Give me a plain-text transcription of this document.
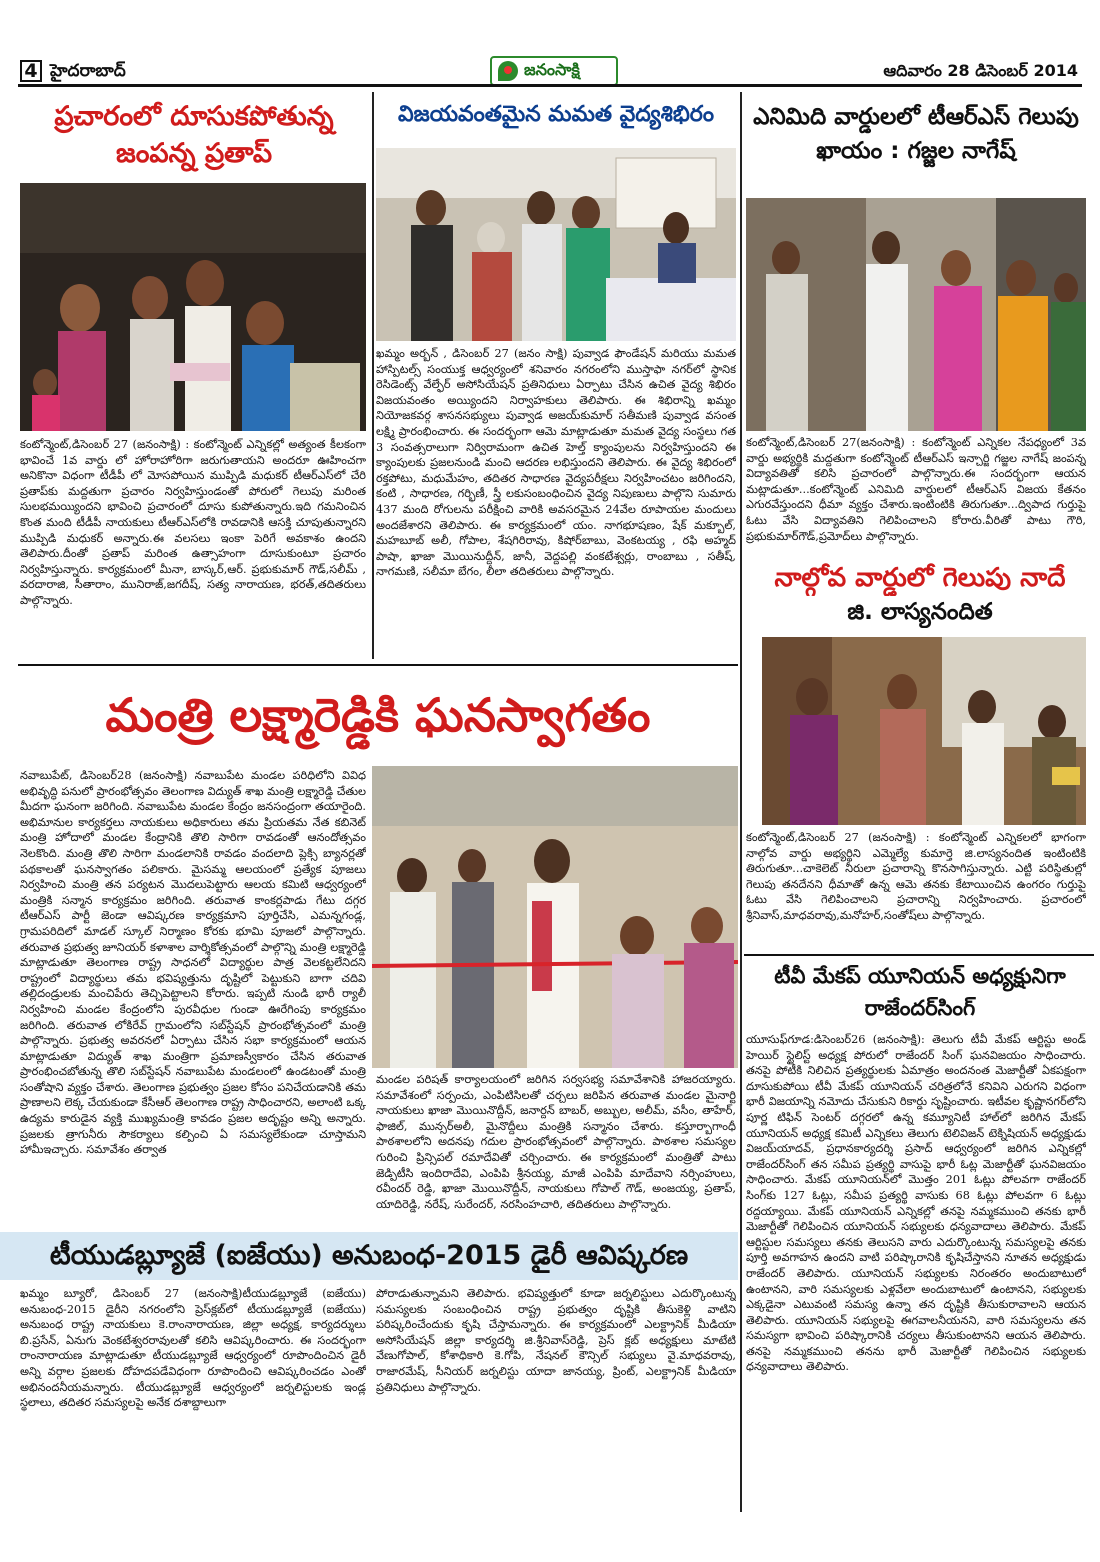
4 హైదరాబాద్	జనంసాక్షి	ఆదివారం 28 డిసెంబర్ 2014
ప్రచారంలో దూసుకపోతున్న
జంపన్న ప్రతాప్
కంటోన్మెంట్,డిసెంబర్ 27 (జనంసాక్షి) : కంటోన్మెంట్ ఎన్నికల్లో అత్యంత కీలకంగా భావించే 1వ వార్డు లో హోరాహోరిగా జరుగుతాయని అందరూ ఊహించగా అనికొనా విధంగా టీడీపీ లో మోసపోయిన ముప్పిడి మధుకర్ టీఆర్ఎస్‌లో చేరి ప్రతాప్‌కు మద్దతుగా ప్రచారం నిర్వహిస్తుండంతో పోరులో గెలుపు మరింత సులభమయ్యిందని భావించి ప్రచారంలో దూసు కుపోతున్నారు.ఇది గమనించిన కొంత మంది టీడీపీ నాయకులు టీఆర్ఎస్‌లోకి రావడానికి ఆసక్తి చూపుతున్నారని ముప్పిడి మధుకర్ అన్నారు.ఈ వలసలు ఇంకా పెరిగే అవకాశం ఉందని తెలిపారు.దీంతో ప్రతాప్ మరింత ఉత్సాహంగా దూసుకుంటూ ప్రచారం నిర్వహిస్తున్నారు. కార్యక్రమంలో మీనా, బాస్కర్,ఆర్. ప్రభుకుమార్ గౌడ్,సలీమ్ , వరదారాజి, సీతారాం, మునిరాజ్,జగదీష్, సత్య నారాయణ, భరత్,తదితరులు పాల్గొన్నారు.
విజయవంతమైన మమత వైద్యశిభిరం
ఖమ్మం అర్బన్ , డిసెంబర్ 27 (జనం సాక్షి) పువ్వాడ ఫౌండేషన్ మరియు మమత హాస్పిటల్స్ సంయుక్త ఆధ్వర్యంలో శనివారం నగరంలోని ముస్తాఫా నగర్‌లో స్థానిక రెసిడెంట్స్ వేల్ఫేర్ అసోసియేషన్ ప్రతినిధులు ఏర్పాటు చేసిన ఉచిత వైద్య శిభిరం విజయవంతం అయ్యిందని నిర్వాహకులు తెలిపారు. ఈ శిభిరాన్ని ఖమ్మం నియోజకవర్గ శాసనసభ్యులు పువ్వాడ అజయ్‌కుమార్ సతీమణి పువ్వాడ వసంత లక్ష్మి ప్రారంభించారు. ఈ సందర్భంగా ఆమె మాట్లాడుతూ మమత వైద్య సంస్థలు గత 3 సంవత్సరాలుగా నిర్విరామంగా ఉచిత హెల్త్ క్యాంపులను నిర్వహిస్తుందని ఈ క్యాంపులకు ప్రజలనుండి మంచి ఆదరణ లభిస్తుందని తెలిపారు. ఈ వైద్య శిభిరంలో రక్తపోటు, మధుమేహం, తదితర సాధారణ వైద్యపరీక్షలు నిర్వహించటం జరిగిందని, కంటి , సాధారణ, గర్భిణీ, స్త్రీ లకుసంబంధించిన వైద్య నిపుణులు పాల్గొని సుమారు 437 మంది రోగులను పరీక్షించి వారికి అవసరమైన 24వేల రూపాయల మందులు అందజేశారని తెలిపారు. ఈ కార్యక్రమంలో యం. నాగభూషణం, షేక్ మక్బూల్, మహబూబ్ అలీ, గోపాల, శేషగిరిరావు, కిషోర్‌బాబు, వెంకటయ్య , రఫి అహ్మద్ పాషా, ఖాజా మొయినుద్దీన్, జానీ, వెద్దపల్లి వంకటేశ్వర్లు, రాంబాబు , సతీష్, నాగమణి, సలీమా బేగం, లీలా తదితరులు పాల్గొన్నారు.
ఎనిమిది వార్డులలో టీఆర్ఎస్ గెలుపు
ఖాయం : గజ్జల నాగేష్
కంటోన్మెంట్,డిసెంబర్ 27(జనంసాక్షి) : కంటోన్మెంట్ ఎన్నికల నేపధ్యంలో 3వ వార్డు అభ్యర్థికి మద్దతుగా కంటోన్మెంట్ టీఆర్ఎస్ ఇన్చార్జి గజ్జల నాగేష్ జంపన్న విద్యావతితో కలిసి ప్రచారంలో పాల్గొన్నారు.ఈ సందర్భంగా ఆయన మట్లాడుతూ...కంటోన్మెంట్ ఎనిమిది వార్డులలో టీఆర్ఎస్ విజయ కేతనం ఎగురవేస్తుందని ధీమా వ్యక్తం చేశారు.ఇంటింటికి తిరుగుతూ...ద్విపాద గుర్తుపై ఓటు వేసి విద్యావతిని గెలిపించాలని కోరారు.వీరితో పాటు గౌరి, ప్రభుకుమార్‌గౌడ్,ప్రమోద్‌లు పాల్గొన్నారు.
నాల్గోవ వార్డులో గెలుపు నాదే
జి. లాస్యనందిత
కంటోన్మెంట్,డిసెంబర్ 27 (జనంసాక్షి) : కంటోన్మెంట్ ఎన్నికలలో భాగంగా నాల్గోవ వార్డు అభ్యర్థిని ఎమ్మెల్యే కుమార్తె జి.లాస్యనందిత ఇంటింటికి తిరుగుతూ...చాకెలెట్ నీరులా ప్రచారాన్ని కొనసాగిస్తున్నారు. ఎట్టి పరిస్థితుల్లో గెలుపు తనదేనని ధీమాతో ఉన్న ఆమె తనకు కేటాయించిన ఉంగరం గుర్తుపై ఓటు వేసి గెలిపించాలని ప్రచారాన్ని నిర్వహించారు. ప్రచారంలో శ్రీనివాస్,మాధవరావు,మనోహర్,సంతోష్‌లు పాల్గొన్నారు.
టీవీ మేకప్ యూనియన్ అధ్యక్షునిగా
రాజేందర్‌సింగ్
యూసుఫ్‌గూడ:డిసెంబర్26 (జనంసాక్షి): తెలుగు టీవీ మేకప్ ఆర్టిస్టు అండ్ హెయిర్ స్టైలిస్ట్ అధ్యక్ష పోరులో రాజేందర్ సింగ్ ఘనవిజయం సాధించారు. తనపై పోటీకి నిలిచిన ప్రత్యర్థులకు ఏమాత్రం అందనంత మెజార్టీతో ఏకపక్షంగా దూసుకుపోయి టీవీ మేకప్ యూనియన్ చరిత్రలోనే కనివిని ఎరుగని విధంగా భారీ విజయాన్ని నమోదు చేసుకుని రికార్డు సృష్టించారు. ఇటీవల కృష్ణానగర్‌లోని పూర్ణ టిఫిన్ సెంటర్ దగ్గరలో ఉన్న కమ్యూనిటీ హాల్‌లో జరిగిన మేకప్ యూనియన్ అధ్యక్ష కమిటీ ఎన్నికలు తెలుగు టెలివిజన్ టెక్నిషియన్ అధ్యక్షుడు విజయ్‌యాదవ్, ప్రధానకార్యదర్శి ప్రసాద్ ఆధ్వర్యంలో జరిగిన ఎన్నికల్లో రాజేందర్‌సింగ్ తన సమీప ప్రత్యర్థి వాసుపై భారీ ఓట్ల మెజార్టీతో ఘనవిజయం సాధించారు. మేకప్ యూనియన్‌లో మొత్తం 201 ఓట్లు పోలవగా రాజేందర్ సింగ్‌కు 127 ఓట్లు, సమీప ప్రత్యర్థి వాసుకు 68 ఓట్లు పోలవగా 6 ఓట్లు రద్దయ్యాయి. మేకప్ యూనియన్ ఎన్నికల్లో తనపై నమ్మకముంచి తనకు భారీ మెజార్టీతో గెలిపించిన యూనియన్ సభ్యులకు ధన్యవాదాలు తెలిపారు. మేకప్ ఆర్టిస్టుల సమస్యలు తనకు తెలుసని వారు ఎదుర్కొంటున్న సమస్యలపై తనకు పూర్తి అవగాహన ఉందని వాటి పరిష్కారానికి కృషిచేస్తానని నూతన అధ్యక్షుడు రాజేందర్ తెలిపారు. యూనియన్ సభ్యులకు నిరంతరం అందుబాటులో ఉంటానని, వారి సమస్యలకు ఎళ్లవేలా అందుబాటులో ఉంటానని, సభ్యులకు ఎక్కడైనా ఎటువంటి సమస్య ఉన్నా తన దృష్టికి తీసుకురావాలని ఆయన తెలిపారు. యూనియన్ సభ్యులపై ఈగవాలనీయనని, వారి సమస్యలను తన సమస్యగా భావించి పరిష్కారానికి చర్యలు తీసుకుంటానని ఆయన తెలిపారు. తనపై నమ్మకముంచి తనను భారీ మెజార్టీతో గెలిపించిన సభ్యులకు ధన్యవాదాలు తెలిపారు.
మంత్రి లక్ష్మారెడ్డికి ఘనస్వాగతం
నవాబుపేట్, డిసెంబర్28 (జనంసాక్షి) నవాబుపేట మండల పరిధిలోని వివిధ అభివృద్ధి పనులో ప్రారంభోత్సవం తెలంగాణ విద్యుత్ శాఖ మంత్రి లక్ష్మారెడ్డి చేతుల మీదగా ఘనంగా జరిగింది. నవాబుపేట మండల కేంద్రం జనసంద్రంగా తయారైంది. అభిమానుల కార్యకర్తలు నాయకులు అధికారులు తమ ప్రియతమ నేత కబినెట్ మంత్రి హోదాలో మండల కేంద్రానికి తొలి సారిగా రావడంతో ఆనందోత్సవం నెలకొంది. మంత్రి తొలి సారిగా మండలానికి రావడం వందలాది ప్లెక్సి బ్యానర్లతో పథకాలతో ఘనస్వాగతం పలికారు. మైసమ్మ ఆలయంలో ప్రత్యేక పూజలు నిర్వహించి మంత్రి తన పర్యటన మొదలుపెట్టారు ఆలయ కమిటి ఆధ్వర్యంలో మంత్రికి సన్మాన కార్యక్రమం జరిగింది. తరువాత కాంకర్లపాడు గేటు దగ్గర టీఆర్ఎస్ పార్టీ జెండా ఆవిష్కరణ కార్యక్రమాని పూర్తిచేసి, ఎమన్నగండ్ల, గ్రామపరిదిలో మాడల్ స్కూల్ నిర్మాణం కోరకు భూమి పూజలో పాల్గొన్నారు. తరువాత ప్రభుత్వ జూనియర్ కళాశాల వార్శికోత్సవంలో పాల్గొన్ని మంత్రి లక్ష్మారెడ్డి మాట్లాడుతూ తెలంగాణ రాష్ట్ర సాధనలో విద్యార్థుల పాత్ర వెలకట్టలేనిదని రాష్ట్రంలో విద్యార్థులు తమ భవిష్యత్తును దృష్టిలో పెట్టుకుని బాగా చదివి తల్లిదండ్రులకు మంచిపేరు తెచ్చిపెట్టాలని కోరారు. ఇప్పటి నుండి భారీ ర్యాలీ నిర్వహించి మండల కేంద్రంలోని పురవీధుల గుండా ఊరేగింపు కార్యక్రమం జరిగింది. తరువాత లోకిరేవ్ గ్రామంలోని సబ్‌స్టేషన్ ప్రారంభోత్సవంలో మంత్రి పాల్గొన్నారు. ప్రభుత్వ అవరనలో ఏర్పాటు చేసిన సభా కార్యక్రమంలో ఆయన మాట్లాడుతూ విద్యుత్ శాఖ మంత్రిగా ప్రమాణస్వీకారం చేసిన తరువాత ప్రారంభించబోతున్న తొలి సబ్‌స్టేషన్ నవాబుపేట మండలంలో ఉండటంతో మంత్రి సంతోషాని వ్యక్తం చేశారు. తెలంగాణ ప్రభుత్వం ప్రజల కోసం పనిచేయడానికి తమ ప్రాణాలని లెక్క చేయకుండా కేసీఆర్ తెలంగాణ రాష్ట్ర సాధించారని, అలాంటి ఒక్క ఉద్యమ కారుడైన వ్యక్తి ముఖ్యమంత్రి కావడం ప్రజల అదృష్టం అన్ని అన్నారు. ప్రజలకు త్రాగునీరు సౌకర్యాలు కల్పించి ఏ సమస్యలేకుండా చూస్తామని హామీఇచ్చారు. సమావేశం తర్వాత
మండల పరిషత్ కార్యాలయంలో జరిగిన సర్వసభ్య సమావేశానికి హాజరయ్యారు. సమావేశంలో సర్పంచు, ఎంపిటిసిలతో చర్చలు జరిపిన తరువాత మండల మైనార్టి నాయకులు ఖాజా మొయినొద్దీన్, జనార్దన్ బాబర్, అబ్బుల, అలీమ్, వసీం, తాహేర్, ఫాజిల్, మున్సర్అలీ, మైనొద్దీలు మంత్రికి సన్మానం చేశారు. కస్తూర్బాగాంధీ పాఠశాలలోని అదనపు గదుల ప్రారంభోత్సవంలో పాల్గొన్నారు. పాఠశాల సమస్యల గురించి ప్రిన్సిపల్ రమాదేవితో చర్చించారు. ఈ కార్యక్రమంలో మంత్రితో పాటు జెడ్పిటీసి ఇందిరాదేవి, ఎంపిపి శ్రీనయ్య, మాజీ ఎంపిపి మాదేవాని నర్సింహులు, రవీందర్ రెడ్డి, ఖాజా మొయినొద్దీన్, నాయకులు గోపాల్ గౌడ్, అంజయ్య, ప్రతాప్, యాదిరెడ్డి, నరేష్, సురేందర్, నరసింహచారి, తదితరులు పాల్గొన్నారు.
టీయుడబ్ల్యూజే (ఐజేయు) అనుబంధ-2015 డైరీ ఆవిష్కరణ
ఖమ్మం బ్యూరో, డిసెంబర్ 27 (జనంసాక్షి)టీయుడబ్ల్యూజే (ఐజేయు) అనుబంధ-2015 డైరీని నగరంలోని ప్రెస్‌క్లబ్‌లో టీయుడబ్ల్యూజే (ఐజేయు) అనుబంధ రాష్ట్ర నాయకులు కె.రాంనారాయణ, జిల్లా అధ్యక్ష, కార్యదర్శులు బి.ప్రసేన్, ఏనుగు వెంకటేశ్వరరావులతో కలిసి ఆవిష్కరించారు. ఈ సందర్భంగా రాంనారాయణ మాట్లాడుతూ టీయుడబ్ల్యూజే ఆధ్వర్యంలో రూపొందించిన డైరీ అన్ని వర్గాల ప్రజలకు దోహదపడేవిధంగా రూపొందించి ఆవిష్కరించడం ఎంతో అభినందనీయమన్నారు. టీయుడబ్ల్యూజే ఆధ్వర్యంలో జర్నలిస్టులకు ఇండ్ల స్థలాలు, తదితర సమస్యలపై అనేక దశాబ్దాలుగా
పోరాడుతున్నామని తెలిపారు. భవిష్యత్తులో కూడా జర్నలిస్టులు ఎదుర్కొంటున్న సమస్యలకు సంబంధించిన రాష్ట్ర ప్రభుత్వం దృష్టికి తీసుకెళ్లి వాటిని పరిష్కరించేందుకు కృషి చేస్తామన్నారు. ఈ కార్యక్రమంలో ఎలక్ట్రానిక్ మీడియా అసోసియేషన్ జిల్లా కార్యదర్శి జి.శ్రీనివాస్‌రెడ్డి, ప్రెస్ క్లబ్ అధ్యక్షులు మాటేటి వేణుగోపాల్, కోశాధికారి కె.గోపి, నేషనల్ కౌన్సిల్ సభ్యులు వై.మాధవరావు, రాజారమేష్, సీనియర్ జర్నలిస్టు యాదా జానయ్య, ప్రింట్, ఎలక్ట్రానిక్ మీడియా ప్రతినిధులు పాల్గొన్నారు.
